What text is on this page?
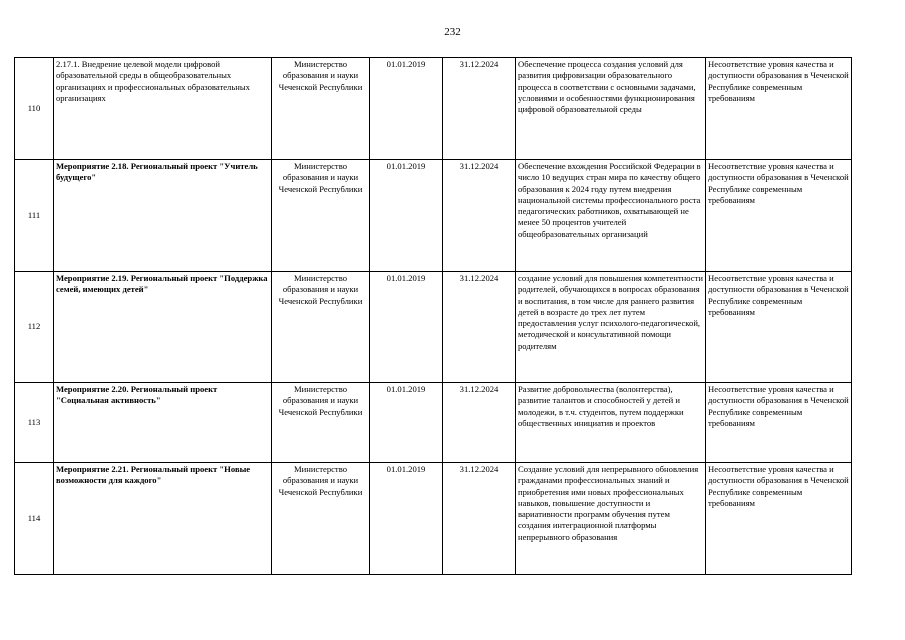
232
110	2.17.1. Внедрение целевой модели цифровой образовательной среды в общеобразовательных организациях и профессиональных образовательных организациях	Министерство образования и науки Чеченской Республики	01.01.2019	31.12.2024	Обеспечение процесса создания условий для развития цифровизации образовательного процесса в соответствии с основными задачами, условиями и особенностями функционирования цифровой образовательной среды	Несоответствие уровня качества и доступности образования в Чеченской Республике современным требованиям
111	Мероприятие 2.18. Региональный проект "Учитель будущего"	Министерство образования и науки Чеченской Республики	01.01.2019	31.12.2024	Обеспечение вхождения Российской Федерации в число 10 ведущих стран мира по качеству общего образования к 2024 году путем внедрения национальной системы профессионального роста педагогических работников, охватывающей не менее 50 процентов учителей общеобразовательных организаций	Несоответствие уровня качества и доступности образования в Чеченской Республике современным требованиям
112	Мероприятие 2.19. Региональный проект "Поддержка семей, имеющих детей"	Министерство образования и науки Чеченской Республики	01.01.2019	31.12.2024	создание условий для повышения компетентности родителей, обучающихся в вопросах образования и воспитания, в том числе для раннего развития детей в возрасте до трех лет путем предоставления услуг психолого-педагогической, методической и консультативной помощи родителям	Несоответствие уровня качества и доступности образования в Чеченской Республике современным требованиям
113	Мероприятие 2.20. Региональный проект "Социальная активность"	Министерство образования и науки Чеченской Республики	01.01.2019	31.12.2024	Развитие добровольчества (волонтерства), развитие талантов и способностей у детей и молодежи, в т.ч. студентов, путем поддержки общественных инициатив и проектов	Несоответствие уровня качества и доступности образования в Чеченской Республике современным требованиям
114	Мероприятие 2.21. Региональный проект "Новые возможности для каждого"	Министерство образования и науки Чеченской Республики	01.01.2019	31.12.2024	Создание условий для непрерывного обновления гражданами профессиональных знаний и приобретения ими новых профессиональных навыков, повышение доступности и вариативности программ обучения путем создания интеграционной платформы непрерывного образования	Несоответствие уровня качества и доступности образования в Чеченской Республике современным требованиям
